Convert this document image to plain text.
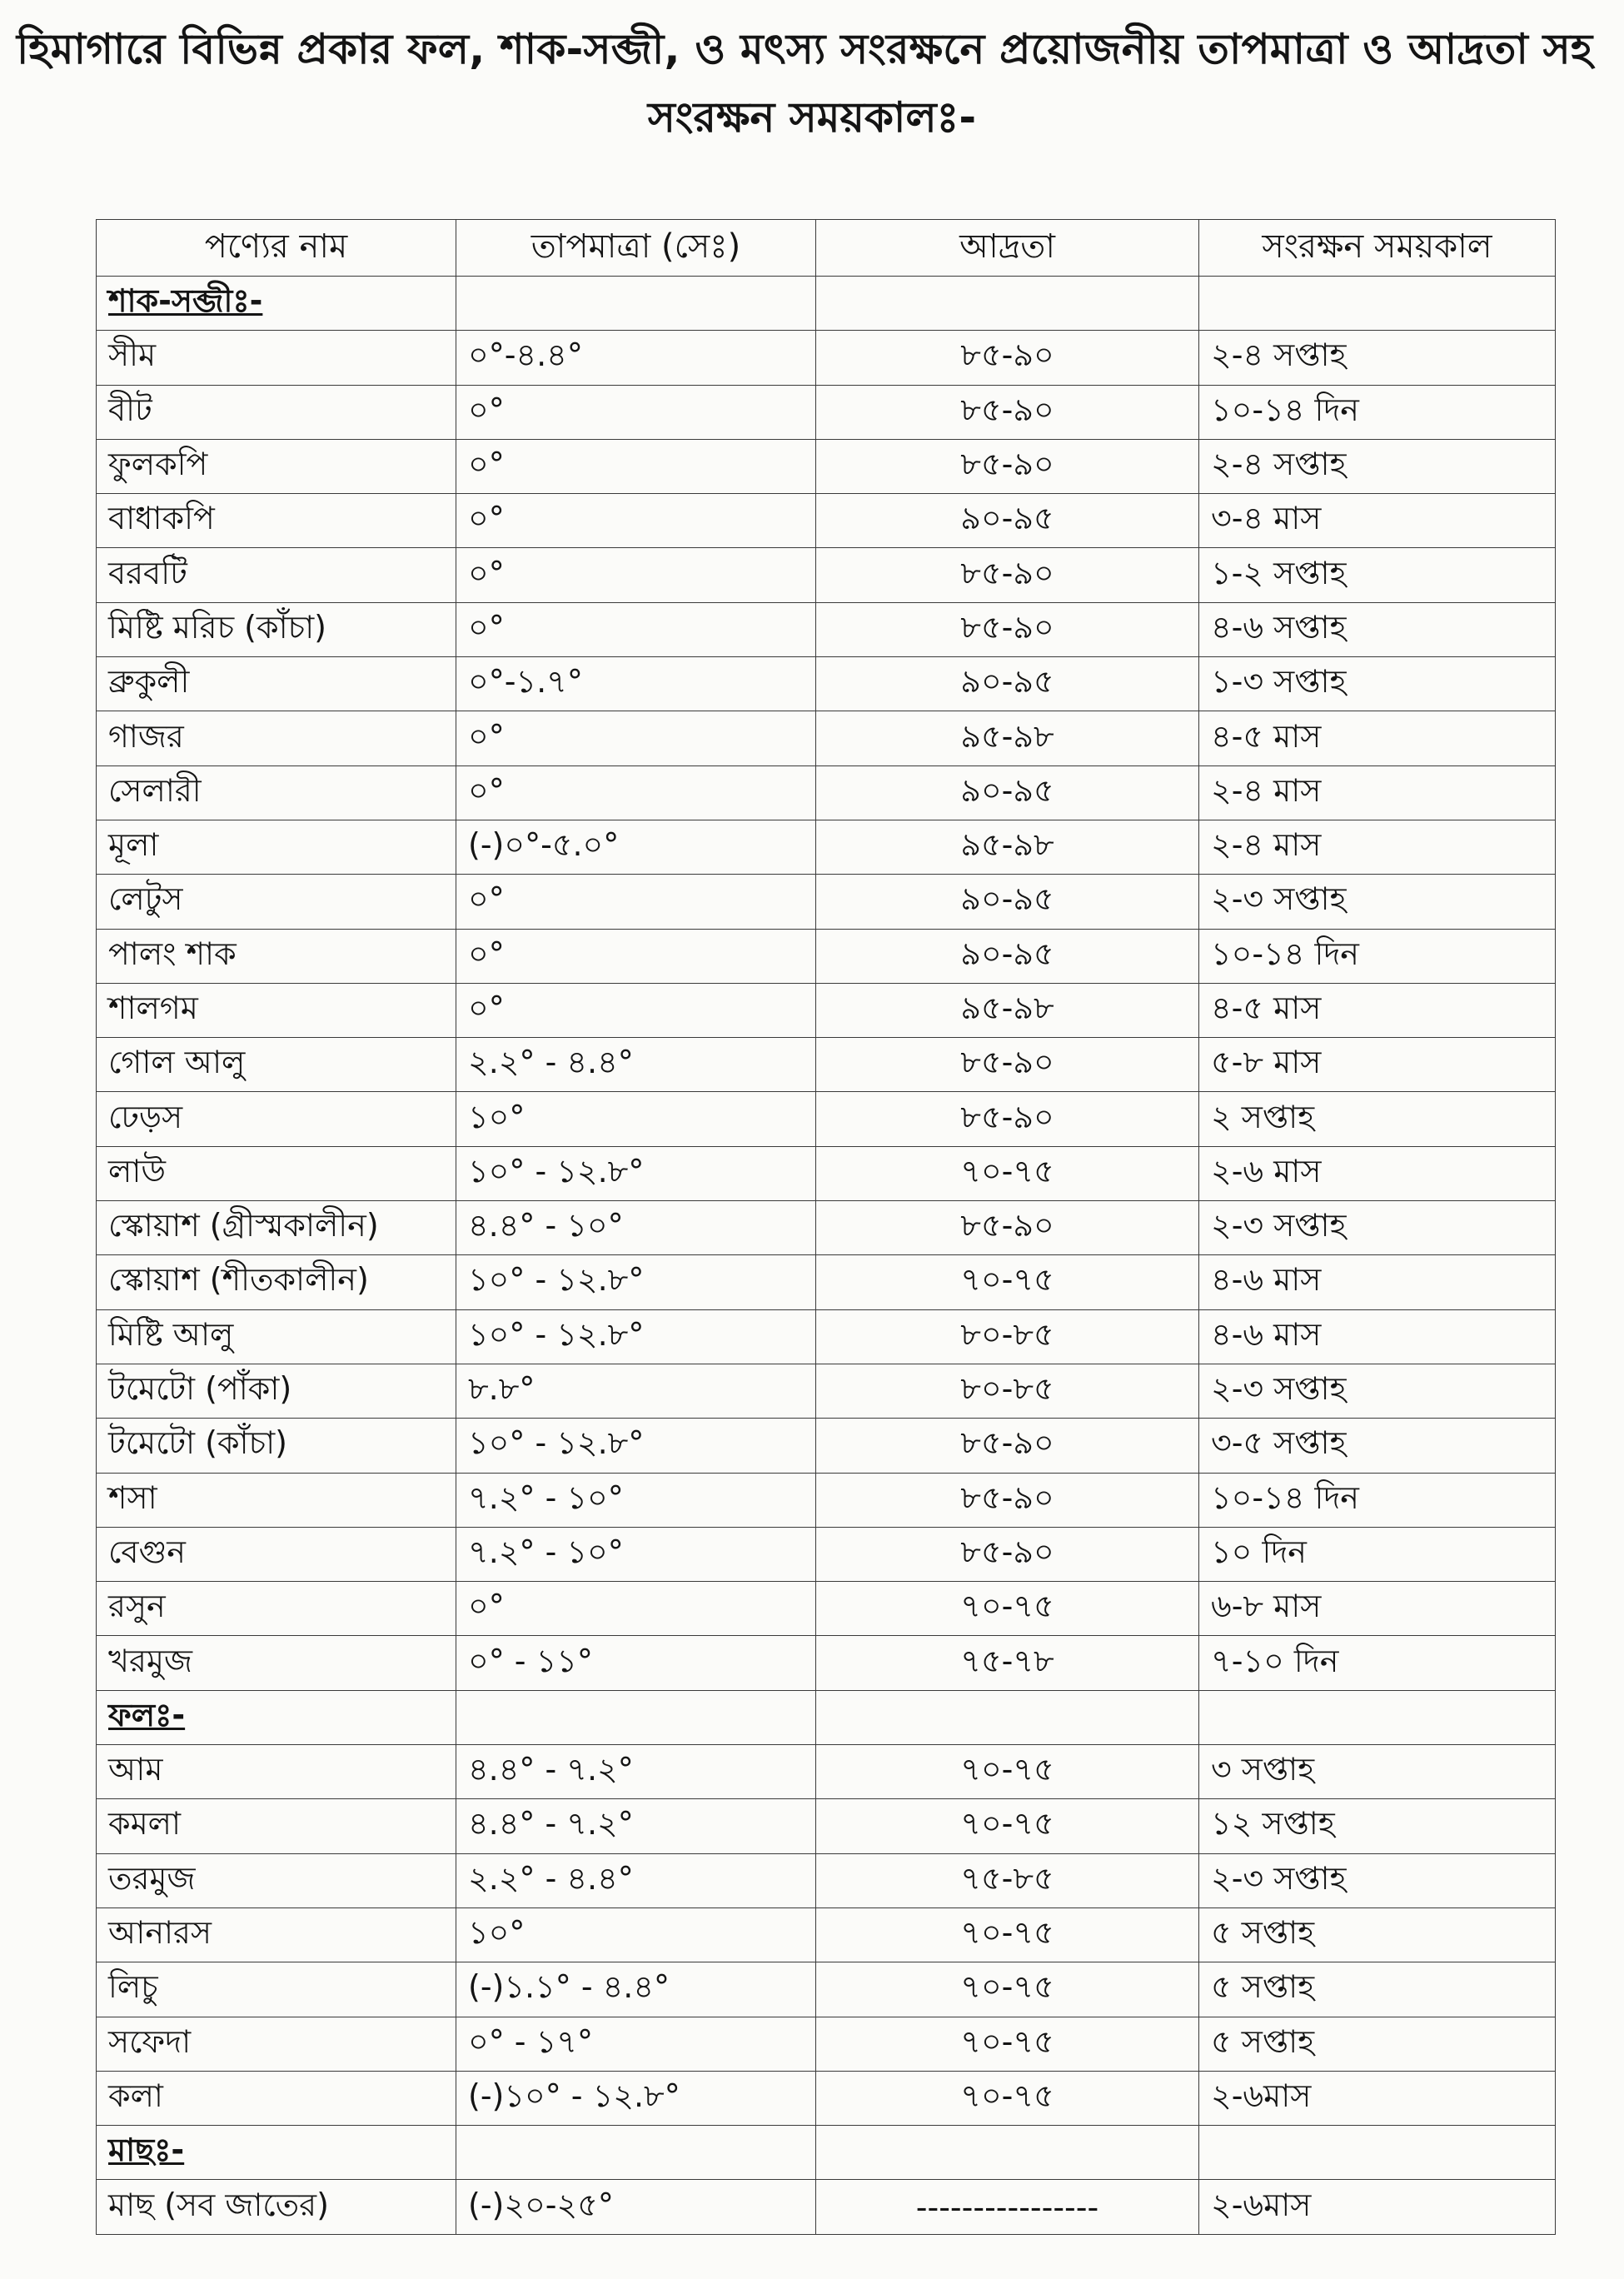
হিমাগারে বিভিন্ন প্রকার ফল, শাক-সব্জী, ও মৎস্য সংরক্ষনে প্রয়োজনীয় তাপমাত্রা ও আদ্রতা সহ
সংরক্ষন সময়কালঃ-
পণ্যের নাম	তাপমাত্রা (সেঃ)	আদ্রতা	সংরক্ষন সময়কাল
শাক-সব্জীঃ-			
সীম	০°-৪.৪°	৮৫-৯০	২-৪ সপ্তাহ
বীট	০°	৮৫-৯০	১০-১৪ দিন
ফুলকপি	০°	৮৫-৯০	২-৪ সপ্তাহ
বাধাকপি	০°	৯০-৯৫	৩-৪ মাস
বরবটি	০°	৮৫-৯০	১-২ সপ্তাহ
মিষ্টি মরিচ (কাঁচা)	০°	৮৫-৯০	৪-৬ সপ্তাহ
ব্রুকুলী	০°-১.৭°	৯০-৯৫	১-৩ সপ্তাহ
গাজর	০°	৯৫-৯৮	৪-৫ মাস
সেলারী	০°	৯০-৯৫	২-৪ মাস
মূলা	(-)০°-৫.০°	৯৫-৯৮	২-৪ মাস
লেটুস	০°	৯০-৯৫	২-৩ সপ্তাহ
পালং শাক	০°	৯০-৯৫	১০-১৪ দিন
শালগম	০°	৯৫-৯৮	৪-৫ মাস
গোল আলু	২.২° - ৪.৪°	৮৫-৯০	৫-৮ মাস
ঢেড়স	১০°	৮৫-৯০	২ সপ্তাহ
লাউ	১০° - ১২.৮°	৭০-৭৫	২-৬ মাস
স্কোয়াশ (গ্রীস্মকালীন)	৪.৪° - ১০°	৮৫-৯০	২-৩ সপ্তাহ
স্কোয়াশ (শীতকালীন)	১০° - ১২.৮°	৭০-৭৫	৪-৬ মাস
মিষ্টি আলু	১০° - ১২.৮°	৮০-৮৫	৪-৬ মাস
টমেটো (পাঁকা)	৮.৮°	৮০-৮৫	২-৩ সপ্তাহ
টমেটো (কাঁচা)	১০° - ১২.৮°	৮৫-৯০	৩-৫ সপ্তাহ
শসা	৭.২° - ১০°	৮৫-৯০	১০-১৪ দিন
বেগুন	৭.২° - ১০°	৮৫-৯০	১০ দিন
রসুন	০°	৭০-৭৫	৬-৮ মাস
খরমুজ	০° - ১১°	৭৫-৭৮	৭-১০ দিন
ফলঃ-			
আম	৪.৪° - ৭.২°	৭০-৭৫	৩ সপ্তাহ
কমলা	৪.৪° - ৭.২°	৭০-৭৫	১২ সপ্তাহ
তরমুজ	২.২° - ৪.৪°	৭৫-৮৫	২-৩ সপ্তাহ
আনারস	১০°	৭০-৭৫	৫ সপ্তাহ
লিচু	(-)১.১° - ৪.৪°	৭০-৭৫	৫ সপ্তাহ
সফেদা	০° - ১৭°	৭০-৭৫	৫ সপ্তাহ
কলা	(-)১০° - ১২.৮°	৭০-৭৫	২-৬মাস
মাছঃ-			
মাছ (সব জাতের)	(-)২০-২৫°	----------------	২-৬মাস
